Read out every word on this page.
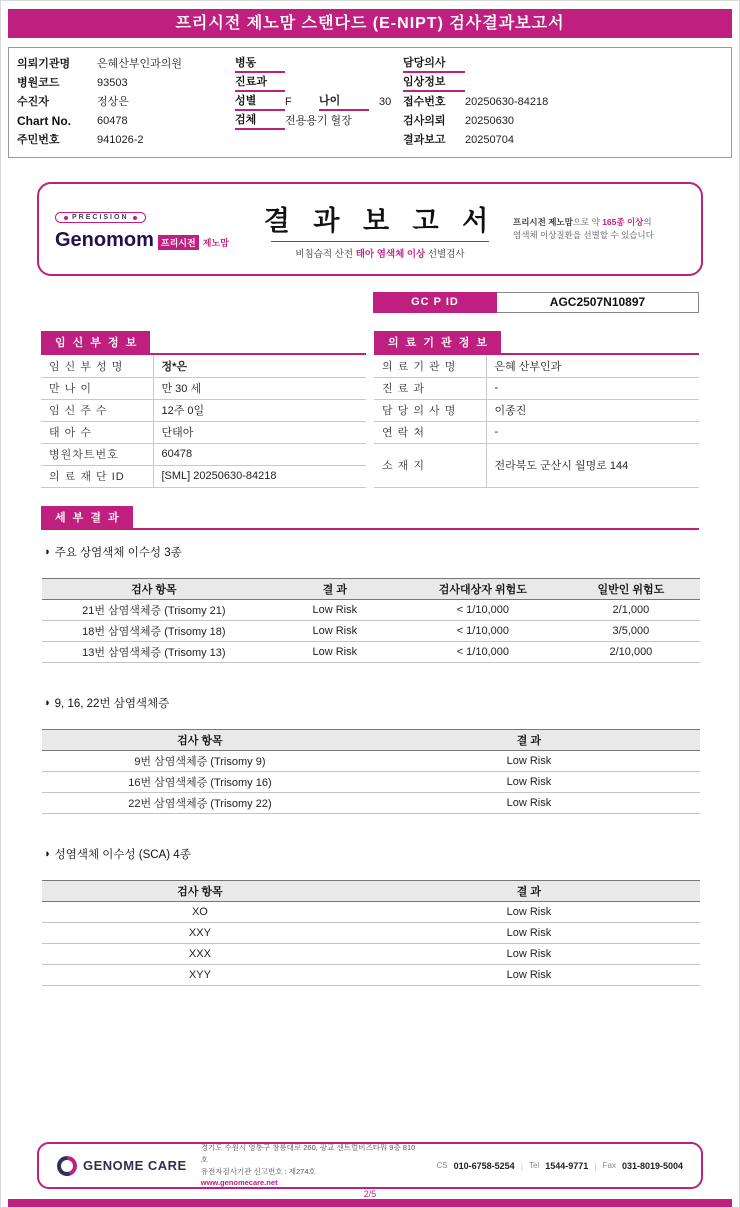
프리시전 제노맘 스탠다드 (E-NIPT) 검사결과보고서
의뢰기관명	은혜산부인과의원
병원코드	93503
수진자	정상은
Chart No.	60478
주민번호	941026-2
병동
진료과
성별	F	나이	30
검체	전용용기 혈장
담당의사
임상정보
접수번호	20250630-84218
검사의뢰	20250630
결과보고	20250704
PRECISION
Genomom 프리시전 제노맘
결 과 보 고 서
비침습적 산전 태아 염색체 이상 선별검사
프리시전 제노맘으로 약 165종 이상의
염색체 이상질환을 선별할 수 있습니다
GC P ID	AGC2507N10897
임 신 부 정 보
임 신 부 성 명	정*은
만 나 이	만 30 세
임 신 주 수	12주 0일
태 아 수	단태아
병원차트번호	60478
의 료 재 단 ID	[SML] 20250630-84218
의 료 기 관 정 보
의 료 기 관 명	은혜 산부인과
진 료 과	-
담 당 의 사 명	이종진
연 락 처	-
소 재 지	전라북도 군산시 월명로 144
세 부 결 과
◑ 주요 상염색체 이수성 3종
검사 항목	결 과	검사대상자 위험도	일반인 위험도
21번 삼염색체증 (Trisomy 21)	Low Risk	< 1/10,000	2/1,000
18번 삼염색체증 (Trisomy 18)	Low Risk	< 1/10,000	3/5,000
13번 삼염색체증 (Trisomy 13)	Low Risk	< 1/10,000	2/10,000
◑ 9, 16, 22번 삼염색체증
검사 항목	결 과
9번 삼염색체증 (Trisomy 9)	Low Risk
16번 삼염색체증 (Trisomy 16)	Low Risk
22번 삼염색체증 (Trisomy 22)	Low Risk
◑ 성염색체 이수성 (SCA) 4종
검사 항목	결 과
XO	Low Risk
XXY	Low Risk
XXX	Low Risk
XYY	Low Risk
GENOME CARE
경기도 수원시 영통구 창룡대로 260, 광교 센트럴비즈타워 9층 810호
유전자검사기관 신고번호 : 제274호
www.genomecare.net
CS 010-6758-5254 | Tel 1544-9771 | Fax 031-8019-5004
2/5
